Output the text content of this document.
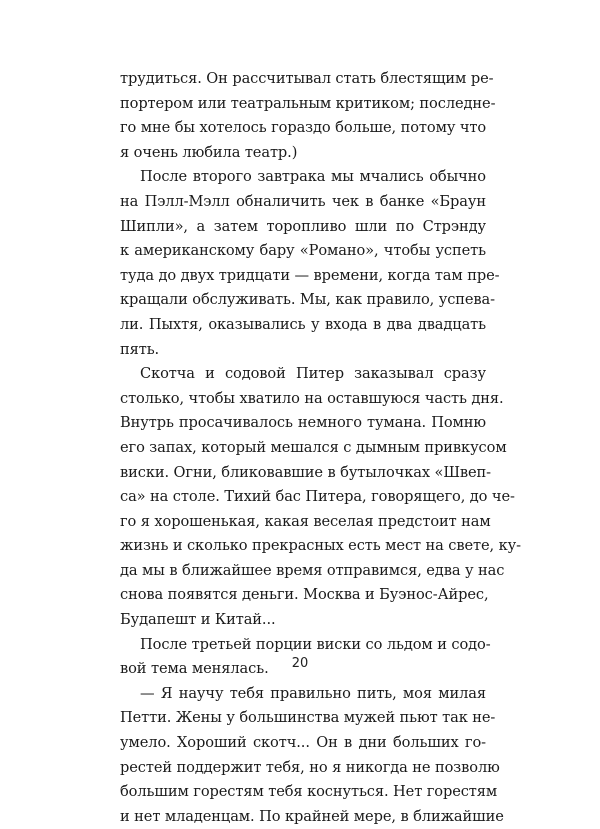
трудиться. Он рассчитывал стать блестящим ре-
портером или театральным критиком; последне-
го мне бы хотелось гораздо больше, потому что
я очень любила театр.)
После второго завтрака мы мчались обычно
на Пэлл-Мэлл обналичить чек в банке «Браун
Шипли», а затем торопливо шли по Стрэнду
к американскому бару «Романо», чтобы успеть
туда до двух тридцати — времени, когда там пре-
кращали обслуживать. Мы, как правило, успева-
ли. Пыхтя, оказывались у входа в два двадцать
пять.
Скотча и содовой Питер заказывал сразу
столько, чтобы хватило на оставшуюся часть дня.
Внутрь просачивалось немного тумана. Помню
его запах, который мешался с дымным привкусом
виски. Огни, бликовавшие в бутылочках «Швеп-
са» на столе. Тихий бас Питера, говорящего, до че-
го я хорошенькая, какая веселая предстоит нам
жизнь и сколько прекрасных есть мест на свете, ку-
да мы в ближайшее время отправимся, едва у нас
снова появятся деньги. Москва и Буэнос-Айрес,
Будапешт и Китай...
После третьей порции виски со льдом и содо-
вой тема менялась.
— Я научу тебя правильно пить, моя милая
Петти. Жены у большинства мужей пьют так не-
умело. Хороший скотч... Он в дни больших го-
рестей поддержит тебя, но я никогда не позволю
большим горестям тебя коснуться. Нет горестям
и нет младенцам. По крайней мере, в ближайшие
20
